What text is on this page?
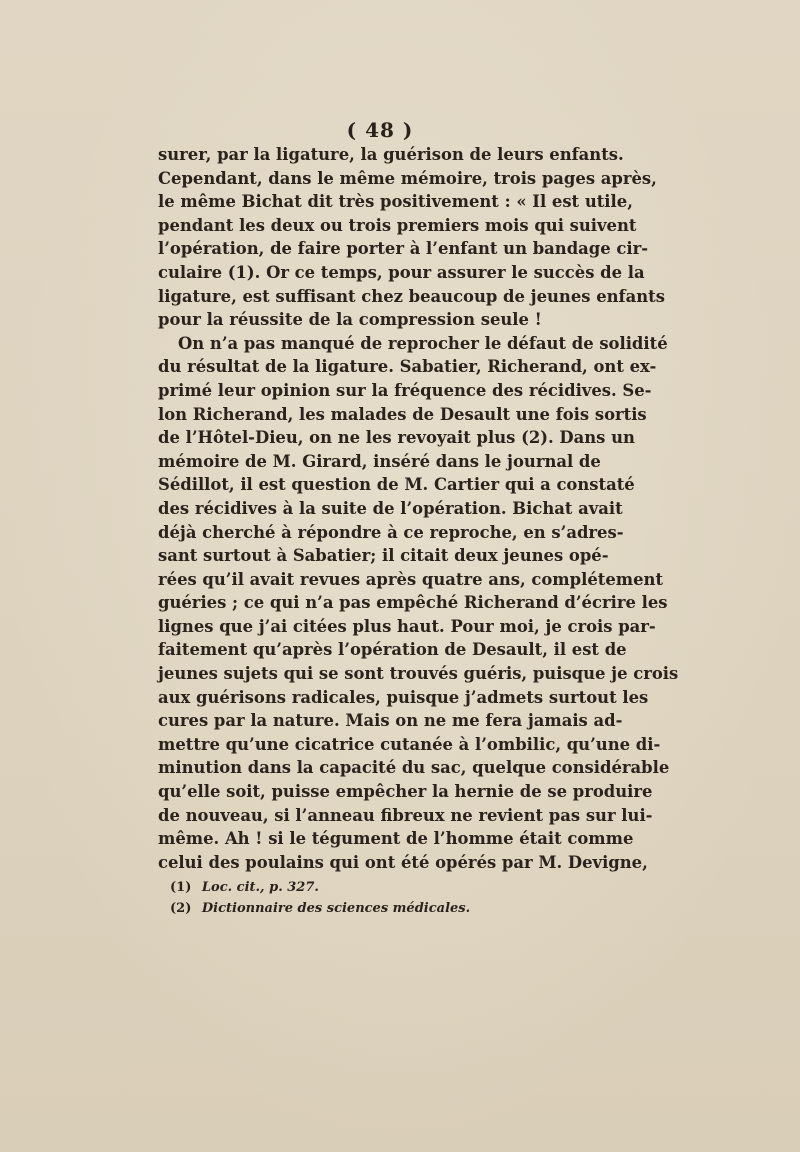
( 48 )
surer, par la ligature, la guérison de leurs enfants.
Cependant, dans le même mémoire, trois pages après,
le même Bichat dit très positivement : « Il est utile,
pendant les deux ou trois premiers mois qui suivent
l’opération, de faire porter à l’enfant un bandage cir-
culaire (1). Or ce temps, pour assurer le succès de la
ligature, est suffisant chez beaucoup de jeunes enfants
pour la réussite de la compression seule !
On n’a pas manqué de reprocher le défaut de solidité
du résultat de la ligature. Sabatier, Richerand, ont ex-
primé leur opinion sur la fréquence des récidives. Se-
lon Richerand, les malades de Desault une fois sortis
de l’Hôtel-Dieu, on ne les revoyait plus (2). Dans un
mémoire de M. Girard, inséré dans le journal de
Sédillot, il est question de M. Cartier qui a constaté
des récidives à la suite de l’opération. Bichat avait
déjà cherché à répondre à ce reproche, en s’adres-
sant surtout à Sabatier; il citait deux jeunes opé-
rées qu’il avait revues après quatre ans, complétement
guéries ; ce qui n’a pas empêché Richerand d’écrire les
lignes que j’ai citées plus haut. Pour moi, je crois par-
faitement qu’après l’opération de Desault, il est de
jeunes sujets qui se sont trouvés guéris, puisque je crois
aux guérisons radicales, puisque j’admets surtout les
cures par la nature. Mais on ne me fera jamais ad-
mettre qu’une cicatrice cutanée à l’ombilic, qu’une di-
minution dans la capacité du sac, quelque considérable
qu’elle soit, puisse empêcher la hernie de se produire
de nouveau, si l’anneau fibreux ne revient pas sur lui-
même. Ah ! si le tégument de l’homme était comme
celui des poulains qui ont été opérés par M. Devigne,
(1) Loc. cit., p. 327.
(2) Dictionnaire des sciences médicales.
